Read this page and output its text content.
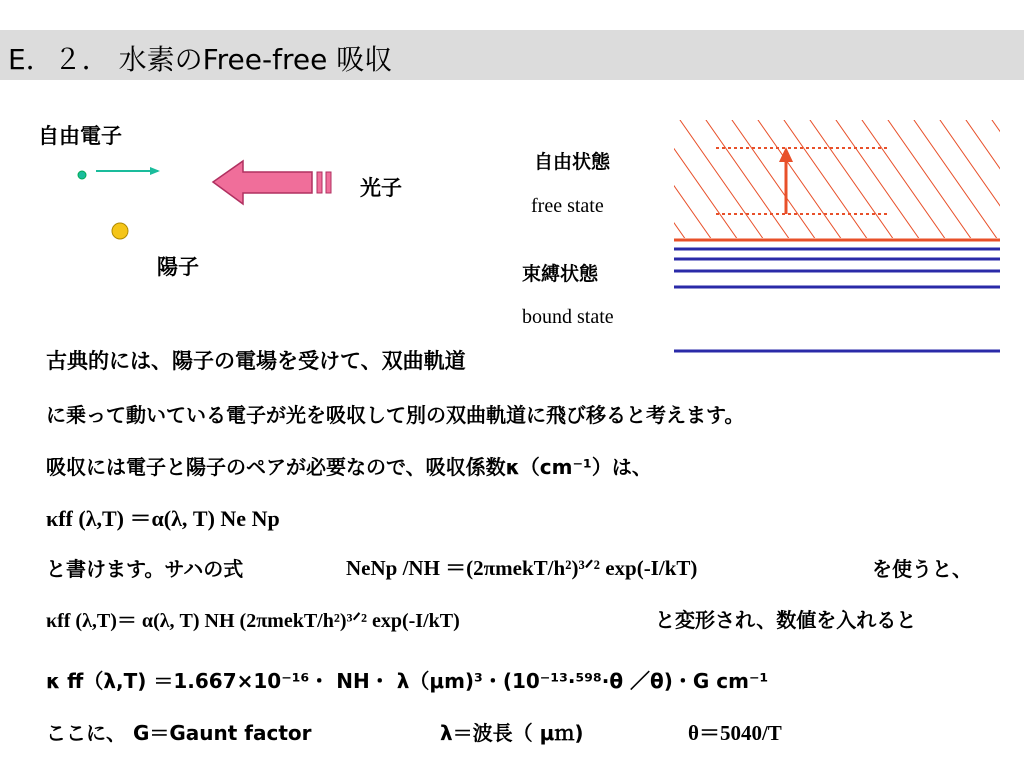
E．２． 水素のFree-free 吸収
自由電子
光子
陽子
自由状態
free state
束縛状態
bound state
古典的には、陽子の電場を受けて、双曲軌道
に乗って動いている電子が光を吸収して別の双曲軌道に飛び移ると考えます。
吸収には電子と陽子のペアが必要なので、吸収係数κ（cm⁻¹）は、
κff (λ,T) ＝α(λ, T) Ne Np
と書けます。サハの式	NeNp /NH ＝(2πmekT/h²)³ᐟ² exp(-I/kT)	を使うと、
κff (λ,T)＝ α(λ, T) NH (2πmekT/h²)³ᐟ² exp(-I/kT)	と変形され、数値を入れると
κ ff（λ,T) ＝1.667×10⁻¹⁶・ NH・ λ（μm)³・(10⁻¹³·⁵⁹⁸·θ ／θ)・G cm⁻¹
ここに、 G＝Gaunt factor	λ＝波長（ μｍ)	θ＝5040/T
